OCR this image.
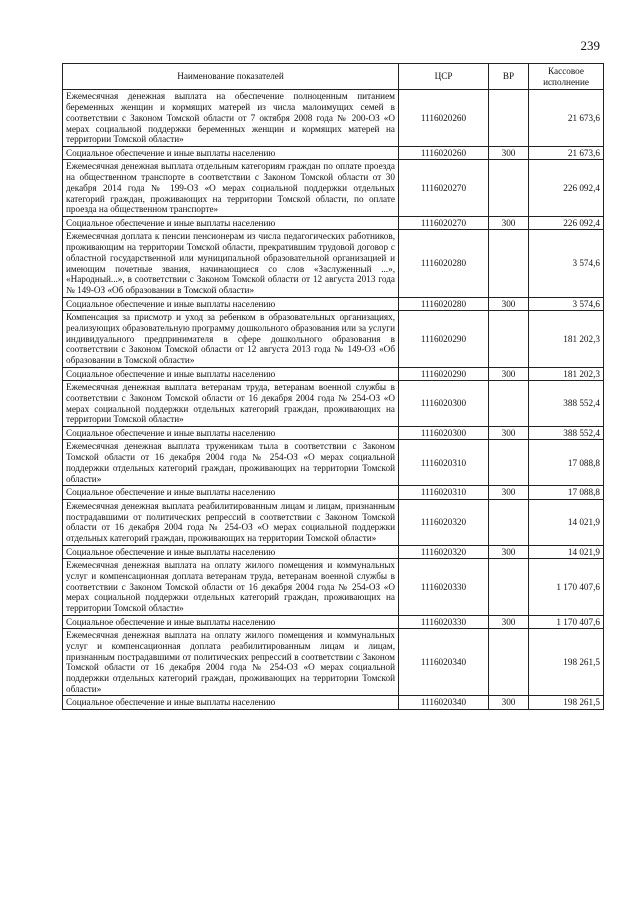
239
Наименование показателей	ЦСР	ВР	Кассовое исполнение
Ежемесячная денежная выплата на обеспечение полноценным питанием беременных женщин и кормящих матерей из числа малоимущих семей в соответствии с Законом Томской области от 7 октября 2008 года № 200-ОЗ «О мерах социальной поддержки беременных женщин и кормящих матерей на территории Томской области»	1116020260		21 673,6
Социальное обеспечение и иные выплаты населению	1116020260	300	21 673,6
Ежемесячная денежная выплата отдельным категориям граждан по оплате проезда на общественном транспорте в соответствии с Законом Томской области от 30 декабря 2014 года № 199-ОЗ «О мерах социальной поддержки отдельных категорий граждан, проживающих на территории Томской области, по оплате проезда на общественном транспорте»	1116020270		226 092,4
Социальное обеспечение и иные выплаты населению	1116020270	300	226 092,4
Ежемесячная доплата к пенсии пенсионерам из числа педагогических работников, проживающим на территории Томской области, прекратившим трудовой договор с областной государственной или муниципальной образовательной организацией и имеющим почетные звания, начинающиеся со слов «Заслуженный ...», «Народный...», в соответствии с Законом Томской области от 12 августа 2013 года № 149-ОЗ «Об образовании в Томской области»	1116020280		3 574,6
Социальное обеспечение и иные выплаты населению	1116020280	300	3 574,6
Компенсация за присмотр и уход за ребенком в образовательных организациях, реализующих образовательную программу дошкольного образования или за услуги индивидуального предпринимателя в сфере дошкольного образования в соответствии с Законом Томской области от 12 августа 2013 года № 149-ОЗ «Об образовании в Томской области»	1116020290		181 202,3
Социальное обеспечение и иные выплаты населению	1116020290	300	181 202,3
Ежемесячная денежная выплата ветеранам труда, ветеранам военной службы в соответствии с Законом Томской области от 16 декабря 2004 года № 254-ОЗ «О мерах социальной поддержки отдельных категорий граждан, проживающих на территории Томской области»	1116020300		388 552,4
Социальное обеспечение и иные выплаты населению	1116020300	300	388 552,4
Ежемесячная денежная выплата труженикам тыла в соответствии с Законом Томской области от 16 декабря 2004 года № 254-ОЗ «О мерах социальной поддержки отдельных категорий граждан, проживающих на территории Томской области»	1116020310		17 088,8
Социальное обеспечение и иные выплаты населению	1116020310	300	17 088,8
Ежемесячная денежная выплата реабилитированным лицам и лицам, признанным пострадавшими от политических репрессий в соответствии с Законом Томской области от 16 декабря 2004 года № 254-ОЗ «О мерах социальной поддержки отдельных категорий граждан, проживающих на территории Томской области»	1116020320		14 021,9
Социальное обеспечение и иные выплаты населению	1116020320	300	14 021,9
Ежемесячная денежная выплата на оплату жилого помещения и коммунальных услуг и компенсационная доплата ветеранам труда, ветеранам военной службы в соответствии с Законом Томской области от 16 декабря 2004 года № 254-ОЗ «О мерах социальной поддержки отдельных категорий граждан, проживающих на территории Томской области»	1116020330		1 170 407,6
Социальное обеспечение и иные выплаты населению	1116020330	300	1 170 407,6
Ежемесячная денежная выплата на оплату жилого помещения и коммунальных услуг и компенсационная доплата реабилитированным лицам и лицам, признанным пострадавшими от политических репрессий в соответствии с Законом Томской области от 16 декабря 2004 года № 254-ОЗ «О мерах социальной поддержки отдельных категорий граждан, проживающих на территории Томской области»	1116020340		198 261,5
Социальное обеспечение и иные выплаты населению	1116020340	300	198 261,5
